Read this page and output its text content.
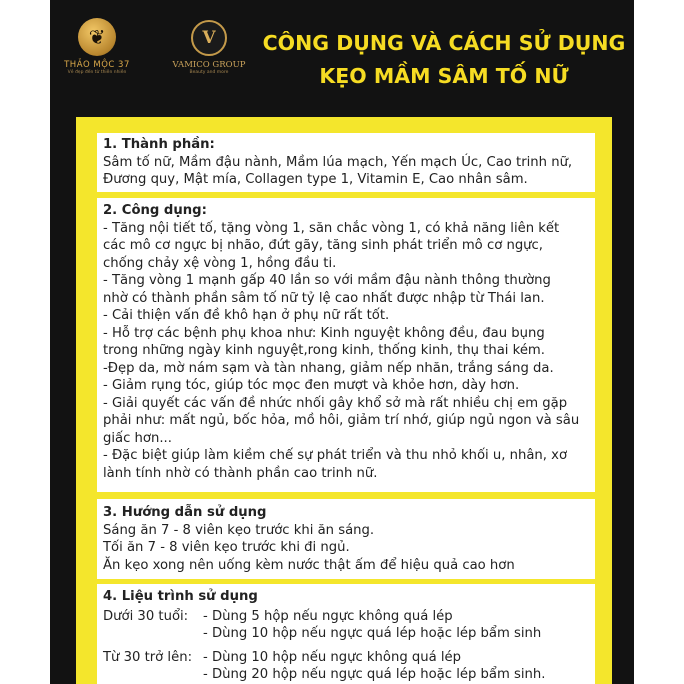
❦
THẢO MỘC 37
Vẻ đẹp đến từ thiên nhiên
V
VAMICO GROUP
Beauty and more
CÔNG DỤNG VÀ CÁCH SỬ DỤNG
KẸO MẦM SÂM TỐ NỮ
1. Thành phần:
Sâm tố nữ, Mầm đậu nành, Mầm lúa mạch, Yến mạch Úc, Cao trinh nữ,
Đương quy, Mật mía, Collagen type 1, Vitamin E, Cao nhân sâm.
2. Công dụng:
- Tăng nội tiết tố, tặng vòng 1, săn chắc vòng 1, có khả năng liên kết
các mô cơ ngực bị nhão, đứt gãy, tăng sinh phát triển mô cơ ngực,
chống chảy xệ vòng 1, hồng đầu ti.
- Tăng vòng 1 mạnh gấp 40 lần so với mầm đậu nành thông thường
nhờ có thành phần sâm tố nữ tỷ lệ cao nhất được nhập từ Thái lan.
- Cải thiện vấn đề khô hạn ở phụ nữ rất tốt.
- Hỗ trợ các bệnh phụ khoa như: Kinh nguyệt không đều, đau bụng
trong những ngày kinh nguyệt,rong kinh, thống kinh, thụ thai kém.
-Đẹp da, mờ nám sạm và tàn nhang, giảm nếp nhăn, trắng sáng da.
- Giảm rụng tóc, giúp tóc mọc đen mượt và khỏe hơn, dày hơn.
- Giải quyết các vấn đề nhức nhối gây khổ sở mà rất nhiều chị em gặp
phải như: mất ngủ, bốc hỏa, mồ hôi, giảm trí nhớ, giúp ngủ ngon và sâu
giấc hơn...
- Đặc biệt giúp làm kiềm chế sự phát triển và thu nhỏ khối u, nhân, xơ
lành tính nhờ có thành phần cao trinh nữ.
3. Hướng dẫn sử dụng
Sáng ăn 7 - 8 viên kẹo trước khi ăn sáng.
Tối ăn 7 - 8 viên kẹo trước khi đi ngủ.
Ăn kẹo xong nên uống kèm nước thật ấm để hiệu quả cao hơn
4. Liệu trình sử dụng
Dưới 30 tuổi:	- Dùng 5 hộp nếu ngực không quá lép
- Dùng 10 hộp nếu ngực quá lép hoặc lép bẩm sinh
Từ 30 trở lên: - Dùng 10 hộp nếu ngực không quá lép
- Dùng 20 hộp nếu ngực quá lép hoặc lép bẩm sinh.
